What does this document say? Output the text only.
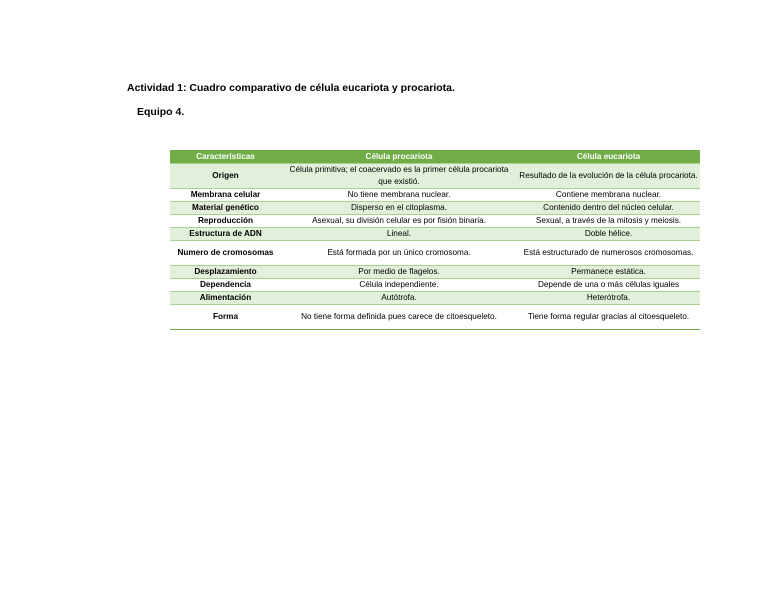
Actividad 1: Cuadro comparativo de célula eucariota y procariota.
Equipo 4.
Características	Célula procariota	Célula eucariota
Origen	Célula primitiva; el coacervado es la primer célula procariota que existió.	Resultado de la evolución de la célula procariota.
Membrana celular	No tiene membrana nuclear.	Contiene membrana nuclear.
Material genético	Disperso en el citoplasma.	Contenido dentro del núcleo celular.
Reproducción	Asexual, su división celular es por fisión binaria.	Sexual, a través de la mitosis y meiosis.
Estructura de ADN	Lineal.	Doble hélice.
Numero de cromosomas	Está formada por un único cromosoma.	Está estructurado de numerosos cromosomas.
Desplazamiento	Por medio de flagelos.	Permanece estática.
Dependencia	Célula independiente.	Depende de una o más células iguales
Alimentación	Autótrofa.	Heterótrofa.
Forma	No tiene forma definida pues carece de citoesqueleto.	Tiene forma regular gracias al citoesqueleto.
